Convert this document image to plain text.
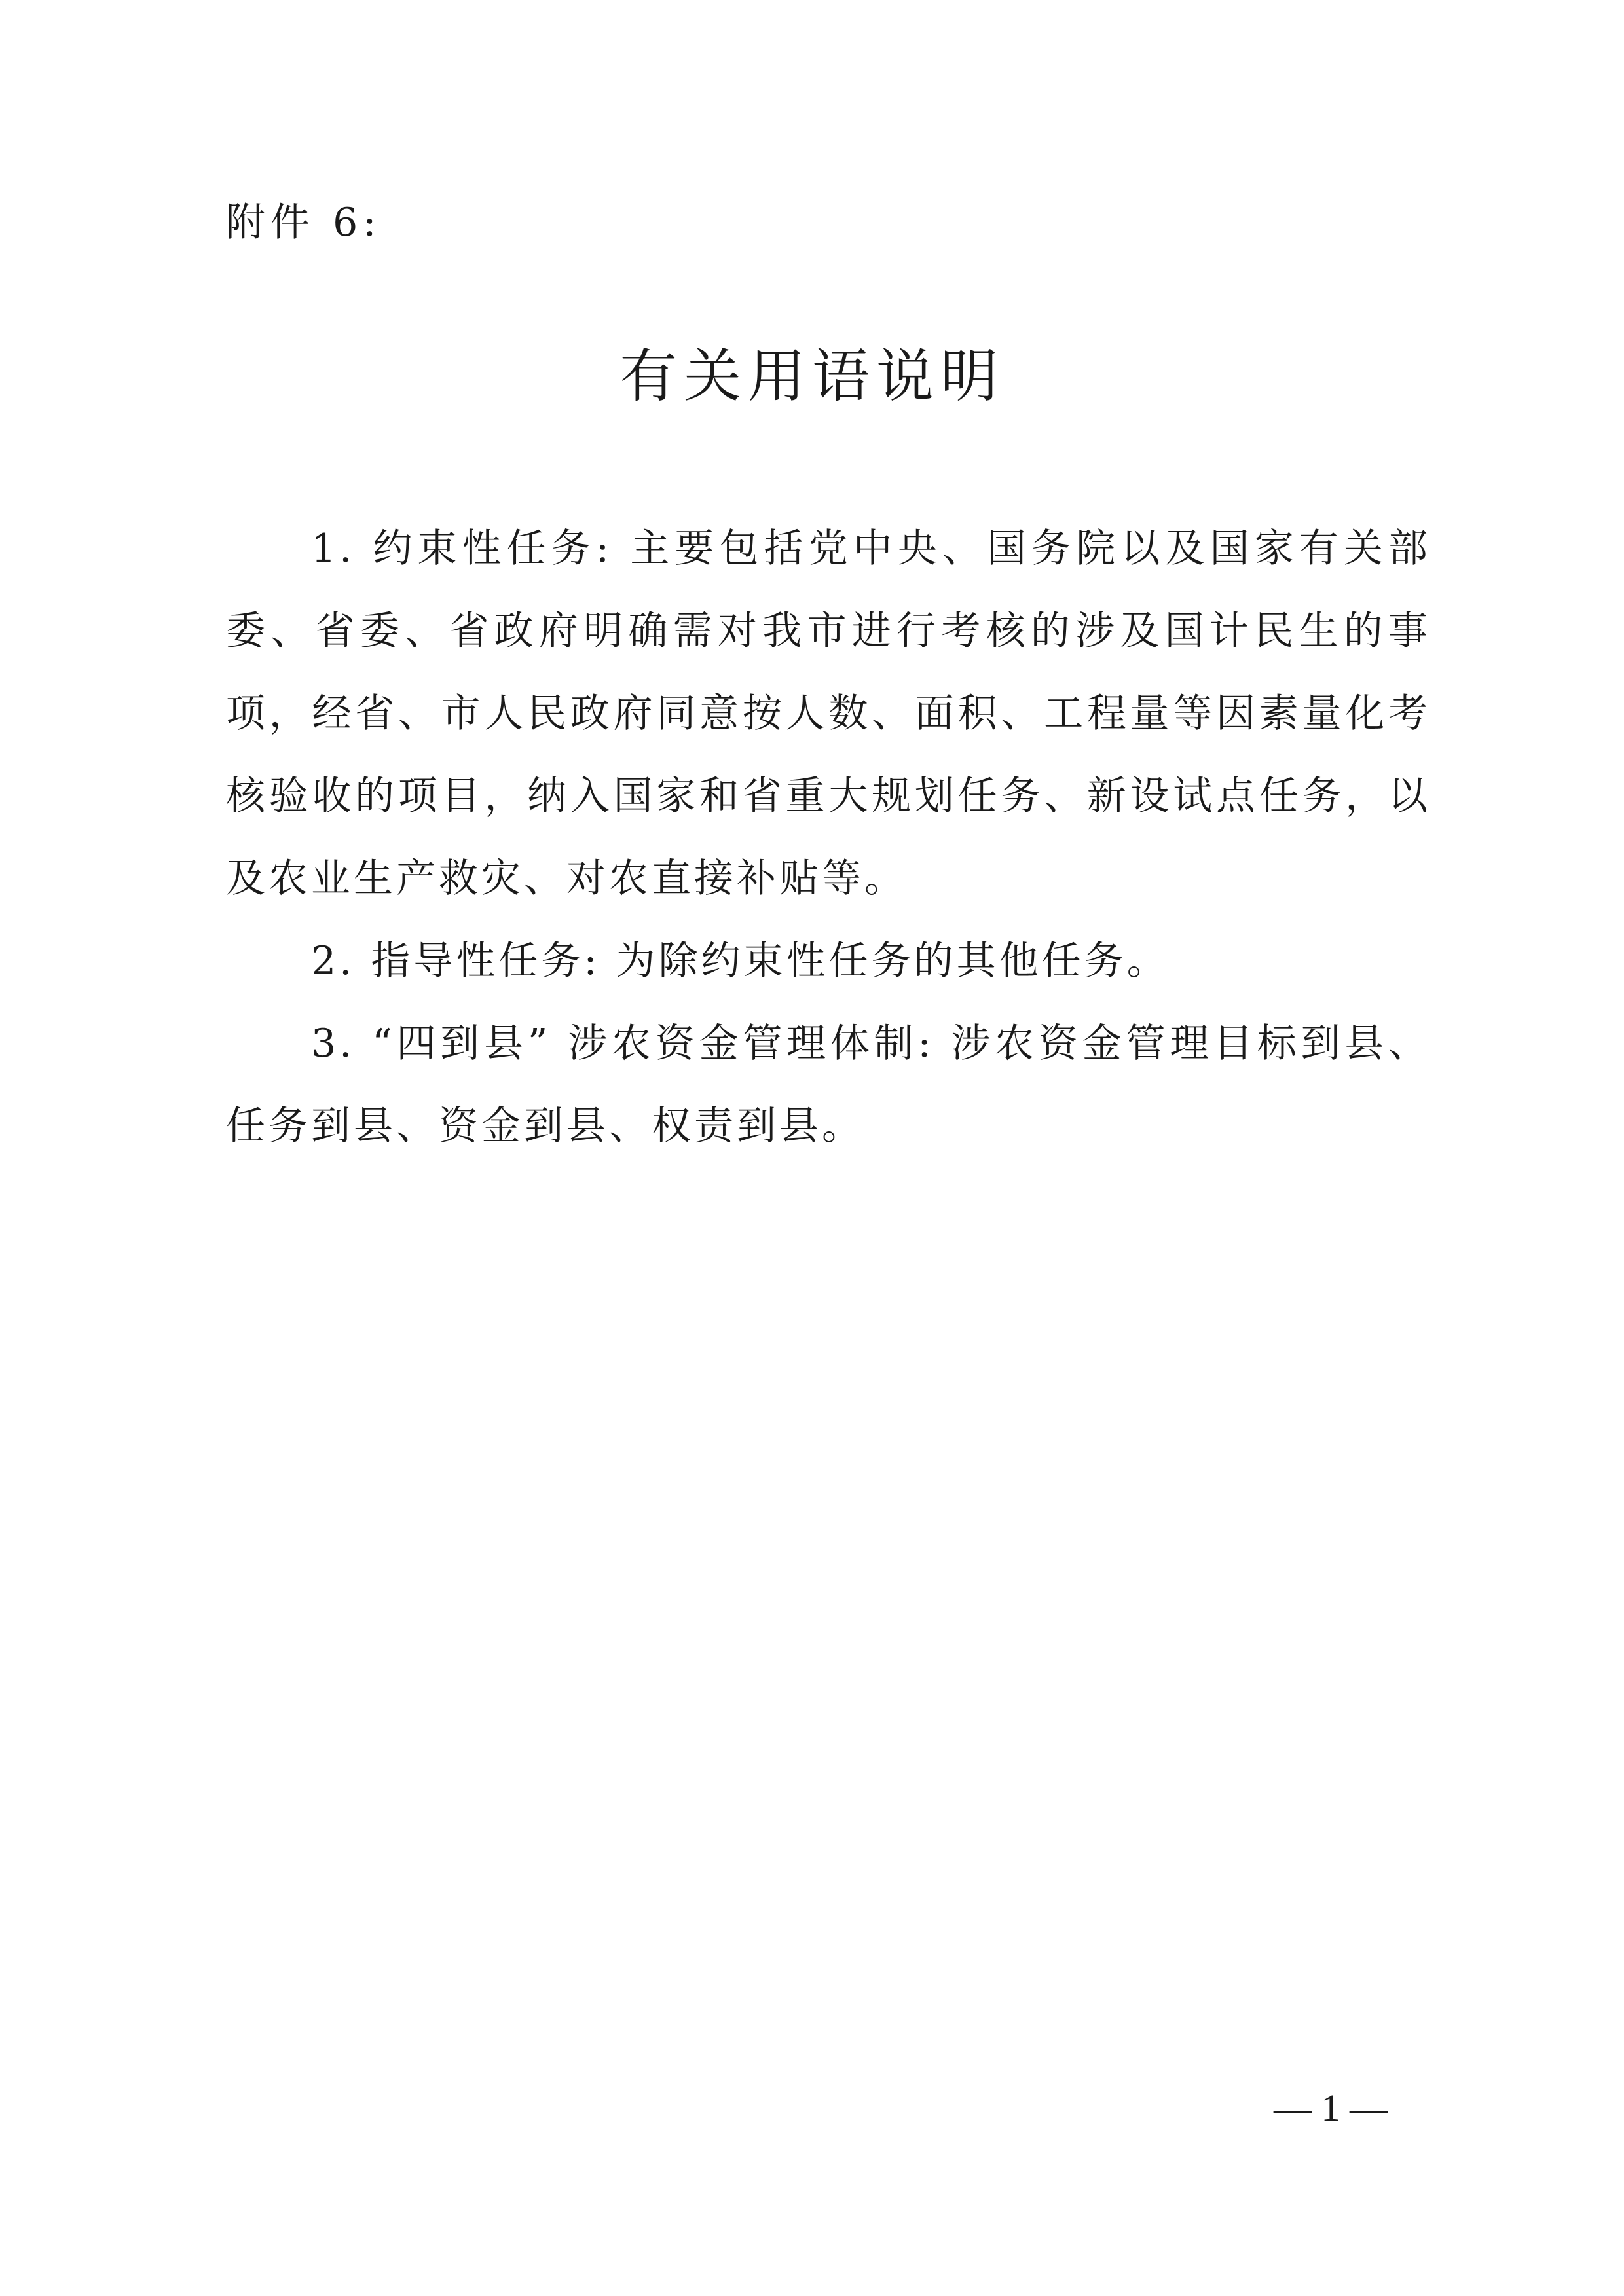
附件 6:
有关用语说明

1. 约束性任务: 主要包括党中央、国务院以及国家有关部委、省委、省政府明确需对我市进行考核的涉及国计民生的事项，经省、市人民政府同意按人数、面积、工程量等因素量化考核验收的项目，纳入国家和省重大规划任务、新设试点任务，以及农业生产救灾、对农直接补贴等。

2. 指导性任务: 为除约束性任务的其他任务。

3. “四到县” 涉农资金管理体制: 涉农资金管理目标到县、任务到县、资金到县、权责到县。

— 1 —
